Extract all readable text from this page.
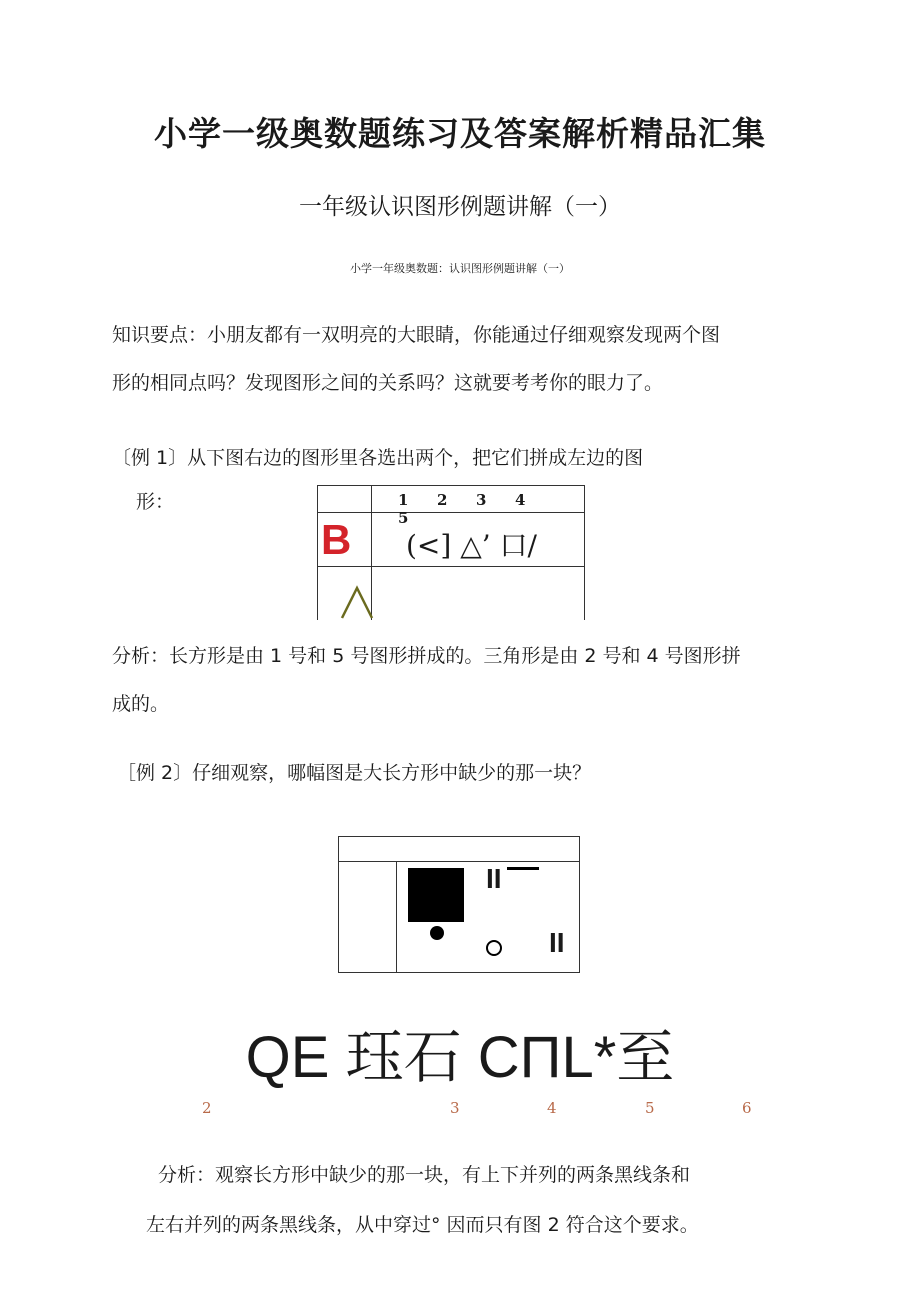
小学一级奥数题练习及答案解析精品汇集
一年级认识图形例题讲解（一）
小学一年级奥数题：认识图形例题讲解（一）
知识要点：小朋友都有一双明亮的大眼睛，你能通过仔细观察发现两个图
形的相同点吗？发现图形之间的关系吗？这就要考考你的眼力了。
〔例 1〕从下图右边的图形里各选出两个，把它们拼成左边的图
形：	1 2 3 45
B (<] △’ 口/
分析：长方形是由 1 号和 5 号图形拼成的。三角形是由 2 号和 4 号图形拼
成的。
［例 2〕仔细观察，哪幅图是大长方形中缺少的那一块？
II
II
QE 珏石 CΠL*至
2	3	4	5	6
分析：观察长方形中缺少的那一块，有上下并列的两条黑线条和
左右并列的两条黑线条，从中穿过° 因而只有图 2 符合这个要求。
